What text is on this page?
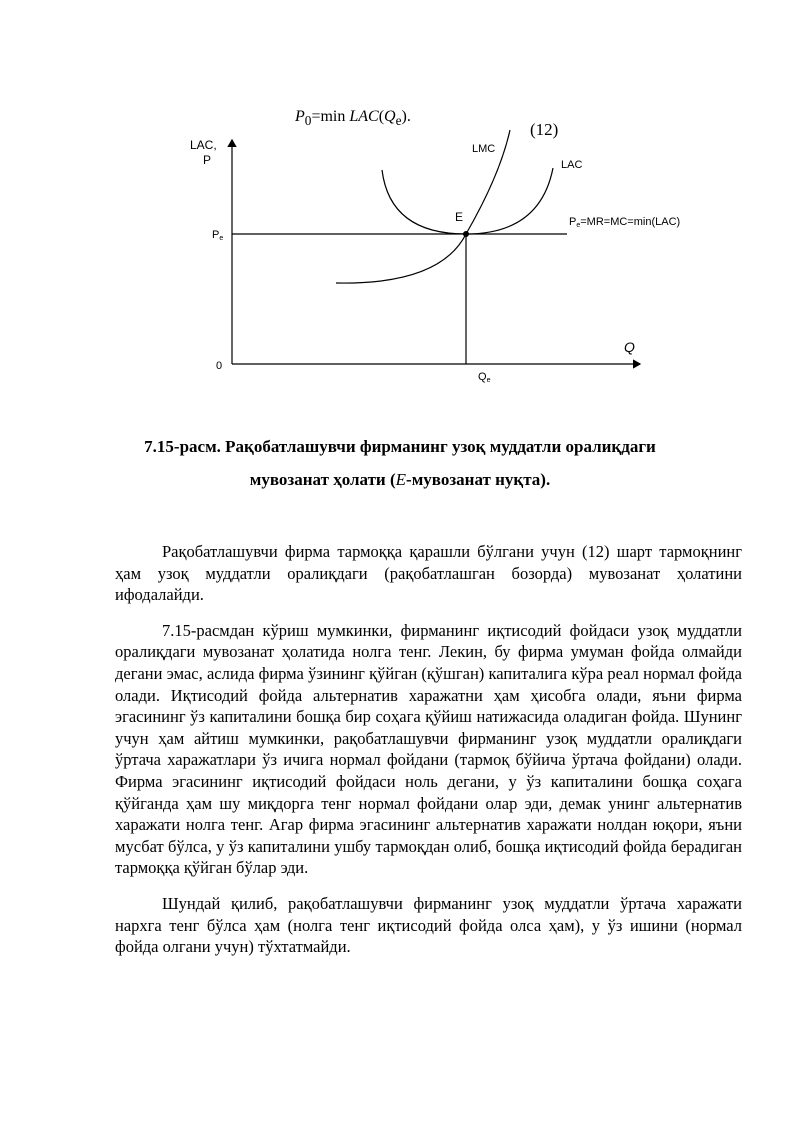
$P_0=\min$ $LAC(Q_e)$.
(12)
LAC,
P
Pe
0
Qe
Q
LMC
LAC
E	Pe=MR=MC=min(LAC)
7.15-расм. Рақобатлашувчи фирманинг узоқ муддатли оралиқдаги
мувозанат ҳолати (E-мувозанат нуқта).

Рақобатлашувчи фирма тармоққа қарашли бўлгани учун (12) шарт тармоқнинг ҳам узоқ муддатли оралиқдаги (рақобатлашган бозорда) мувозанат ҳолатини ифодалайди.

7.15-расмдан кўриш мумкинки, фирманинг иқтисодий фойдаси узоқ муддатли оралиқдаги мувозанат ҳолатида нолга тенг. Лекин, бу фирма умуман фойда олмайди дегани эмас, аслида фирма ўзининг қўйган (қўшган) капиталига кўра реал нормал фойда олади. Иқтисодий фойда альтернатив харажатни ҳам ҳисобга олади, яъни фирма эгасининг ўз капиталини бошқа бир соҳага қўйиш натижасида оладиган фойда. Шунинг учун ҳам айтиш мумкинки, рақобатлашувчи фирманинг узоқ муддатли оралиқдаги ўртача харажатлари ўз ичига нормал фойдани (тармоқ бўйича ўртача фойдани) олади. Фирма эгасининг иқтисодий фойдаси ноль дегани, у ўз капиталини бошқа соҳага қўйганда ҳам шу миқдорга тенг нормал фойдани олар эди, демак унинг альтернатив харажати нолга тенг. Агар фирма эгасининг альтернатив харажати нолдан юқори, яъни мусбат бўлса, у ўз капиталини ушбу тармоқдан олиб, бошқа иқтисодий фойда берадиган тармоққа қўйган бўлар эди.

Шундай қилиб, рақобатлашувчи фирманинг узоқ муддатли ўртача харажати нархга тенг бўлса ҳам (нолга тенг иқтисодий фойда олса ҳам), у ўз ишини (нормал фойда олгани учун) тўхтатмайди.
